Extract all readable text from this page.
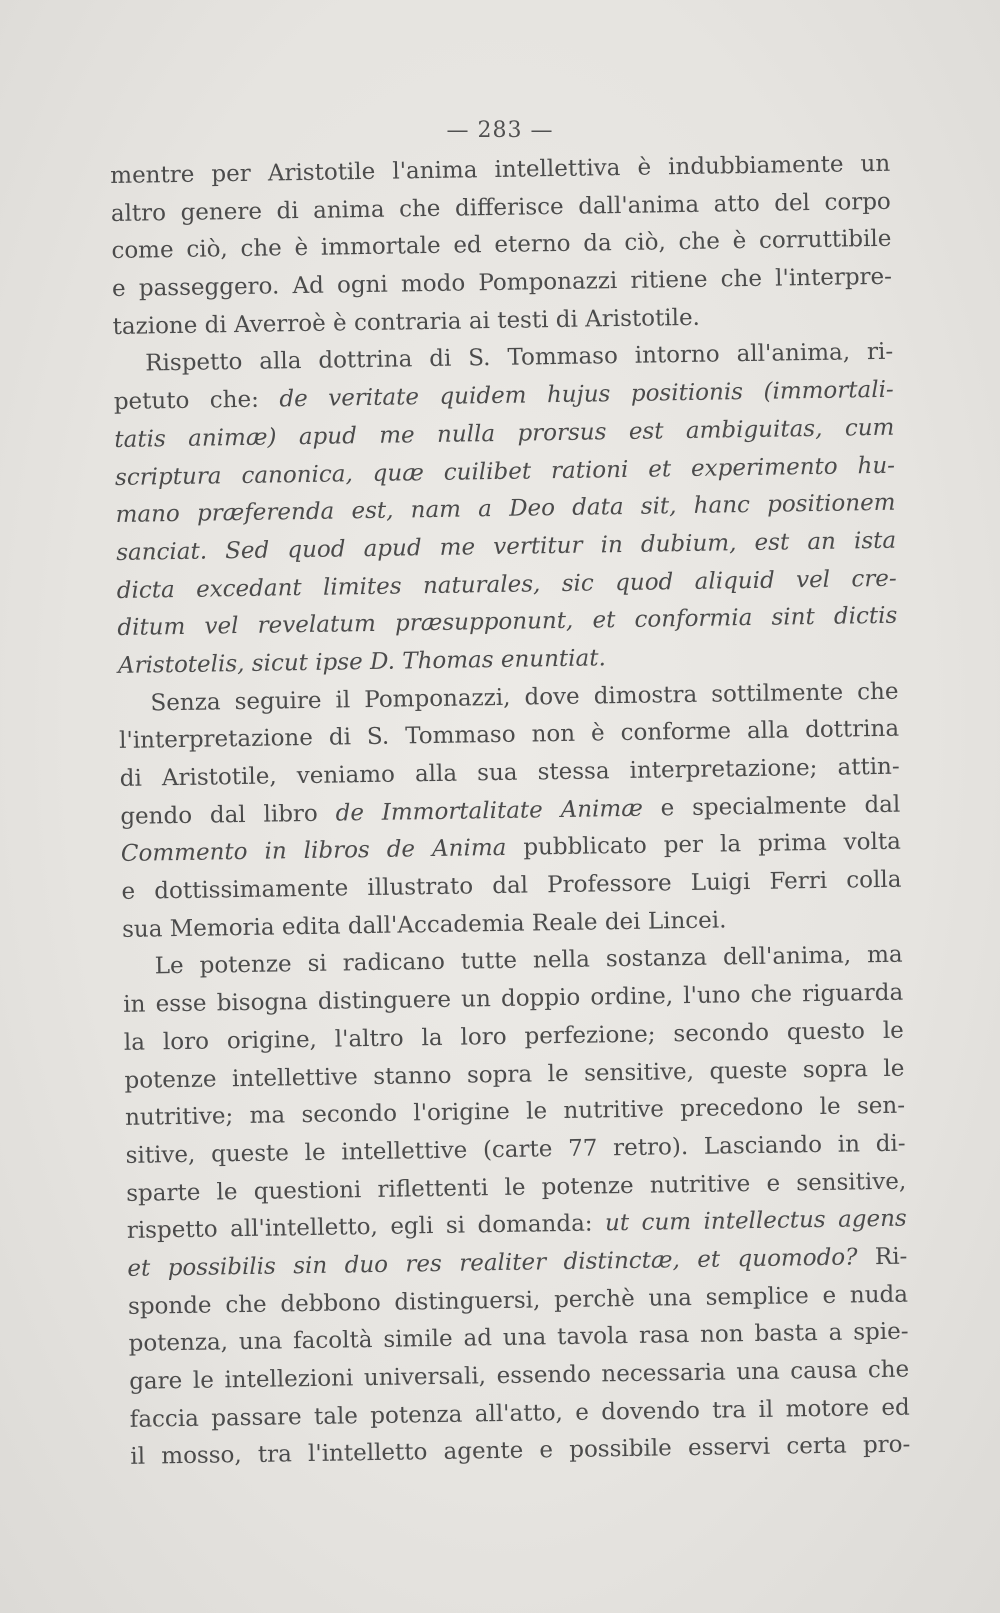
— 283 —
mentre per Aristotile l'anima intellettiva è indubbiamente un
altro genere di anima che differisce dall'anima atto del corpo
come ciò, che è immortale ed eterno da ciò, che è corruttibile
e passeggero. Ad ogni modo Pomponazzi ritiene che l'interpre-
tazione di Averroè è contraria ai testi di Aristotile.
Rispetto alla dottrina di S. Tommaso intorno all'anima, ri-
petuto che: de veritate quidem hujus positionis (immortali-
tatis animæ) apud me nulla prorsus est ambiguitas, cum
scriptura canonica, quæ cuilibet rationi et experimento hu-
mano præferenda est, nam a Deo data sit, hanc positionem
sanciat. Sed quod apud me vertitur in dubium, est an ista
dicta excedant limites naturales, sic quod aliquid vel cre-
ditum vel revelatum præsupponunt, et conformia sint dictis
Aristotelis, sicut ipse D. Thomas enuntiat.
Senza seguire il Pomponazzi, dove dimostra sottilmente che
l'interpretazione di S. Tommaso non è conforme alla dottrina
di Aristotile, veniamo alla sua stessa interpretazione; attin-
gendo dal libro de Immortalitate Animæ e specialmente dal
Commento in libros de Anima pubblicato per la prima volta
e dottissimamente illustrato dal Professore Luigi Ferri colla
sua Memoria edita dall'Accademia Reale dei Lincei.
Le potenze si radicano tutte nella sostanza dell'anima, ma
in esse bisogna distinguere un doppio ordine, l'uno che riguarda
la loro origine, l'altro la loro perfezione; secondo questo le
potenze intellettive stanno sopra le sensitive, queste sopra le
nutritive; ma secondo l'origine le nutritive precedono le sen-
sitive, queste le intellettive (carte 77 retro). Lasciando in di-
sparte le questioni riflettenti le potenze nutritive e sensitive,
rispetto all'intelletto, egli si domanda: ut cum intellectus agens
et possibilis sin duo res realiter distinctæ, et quomodo? Ri-
sponde che debbono distinguersi, perchè una semplice e nuda
potenza, una facoltà simile ad una tavola rasa non basta a spie-
gare le intellezioni universali, essendo necessaria una causa che
faccia passare tale potenza all'atto, e dovendo tra il motore ed
il mosso, tra l'intelletto agente e possibile esservi certa pro-
